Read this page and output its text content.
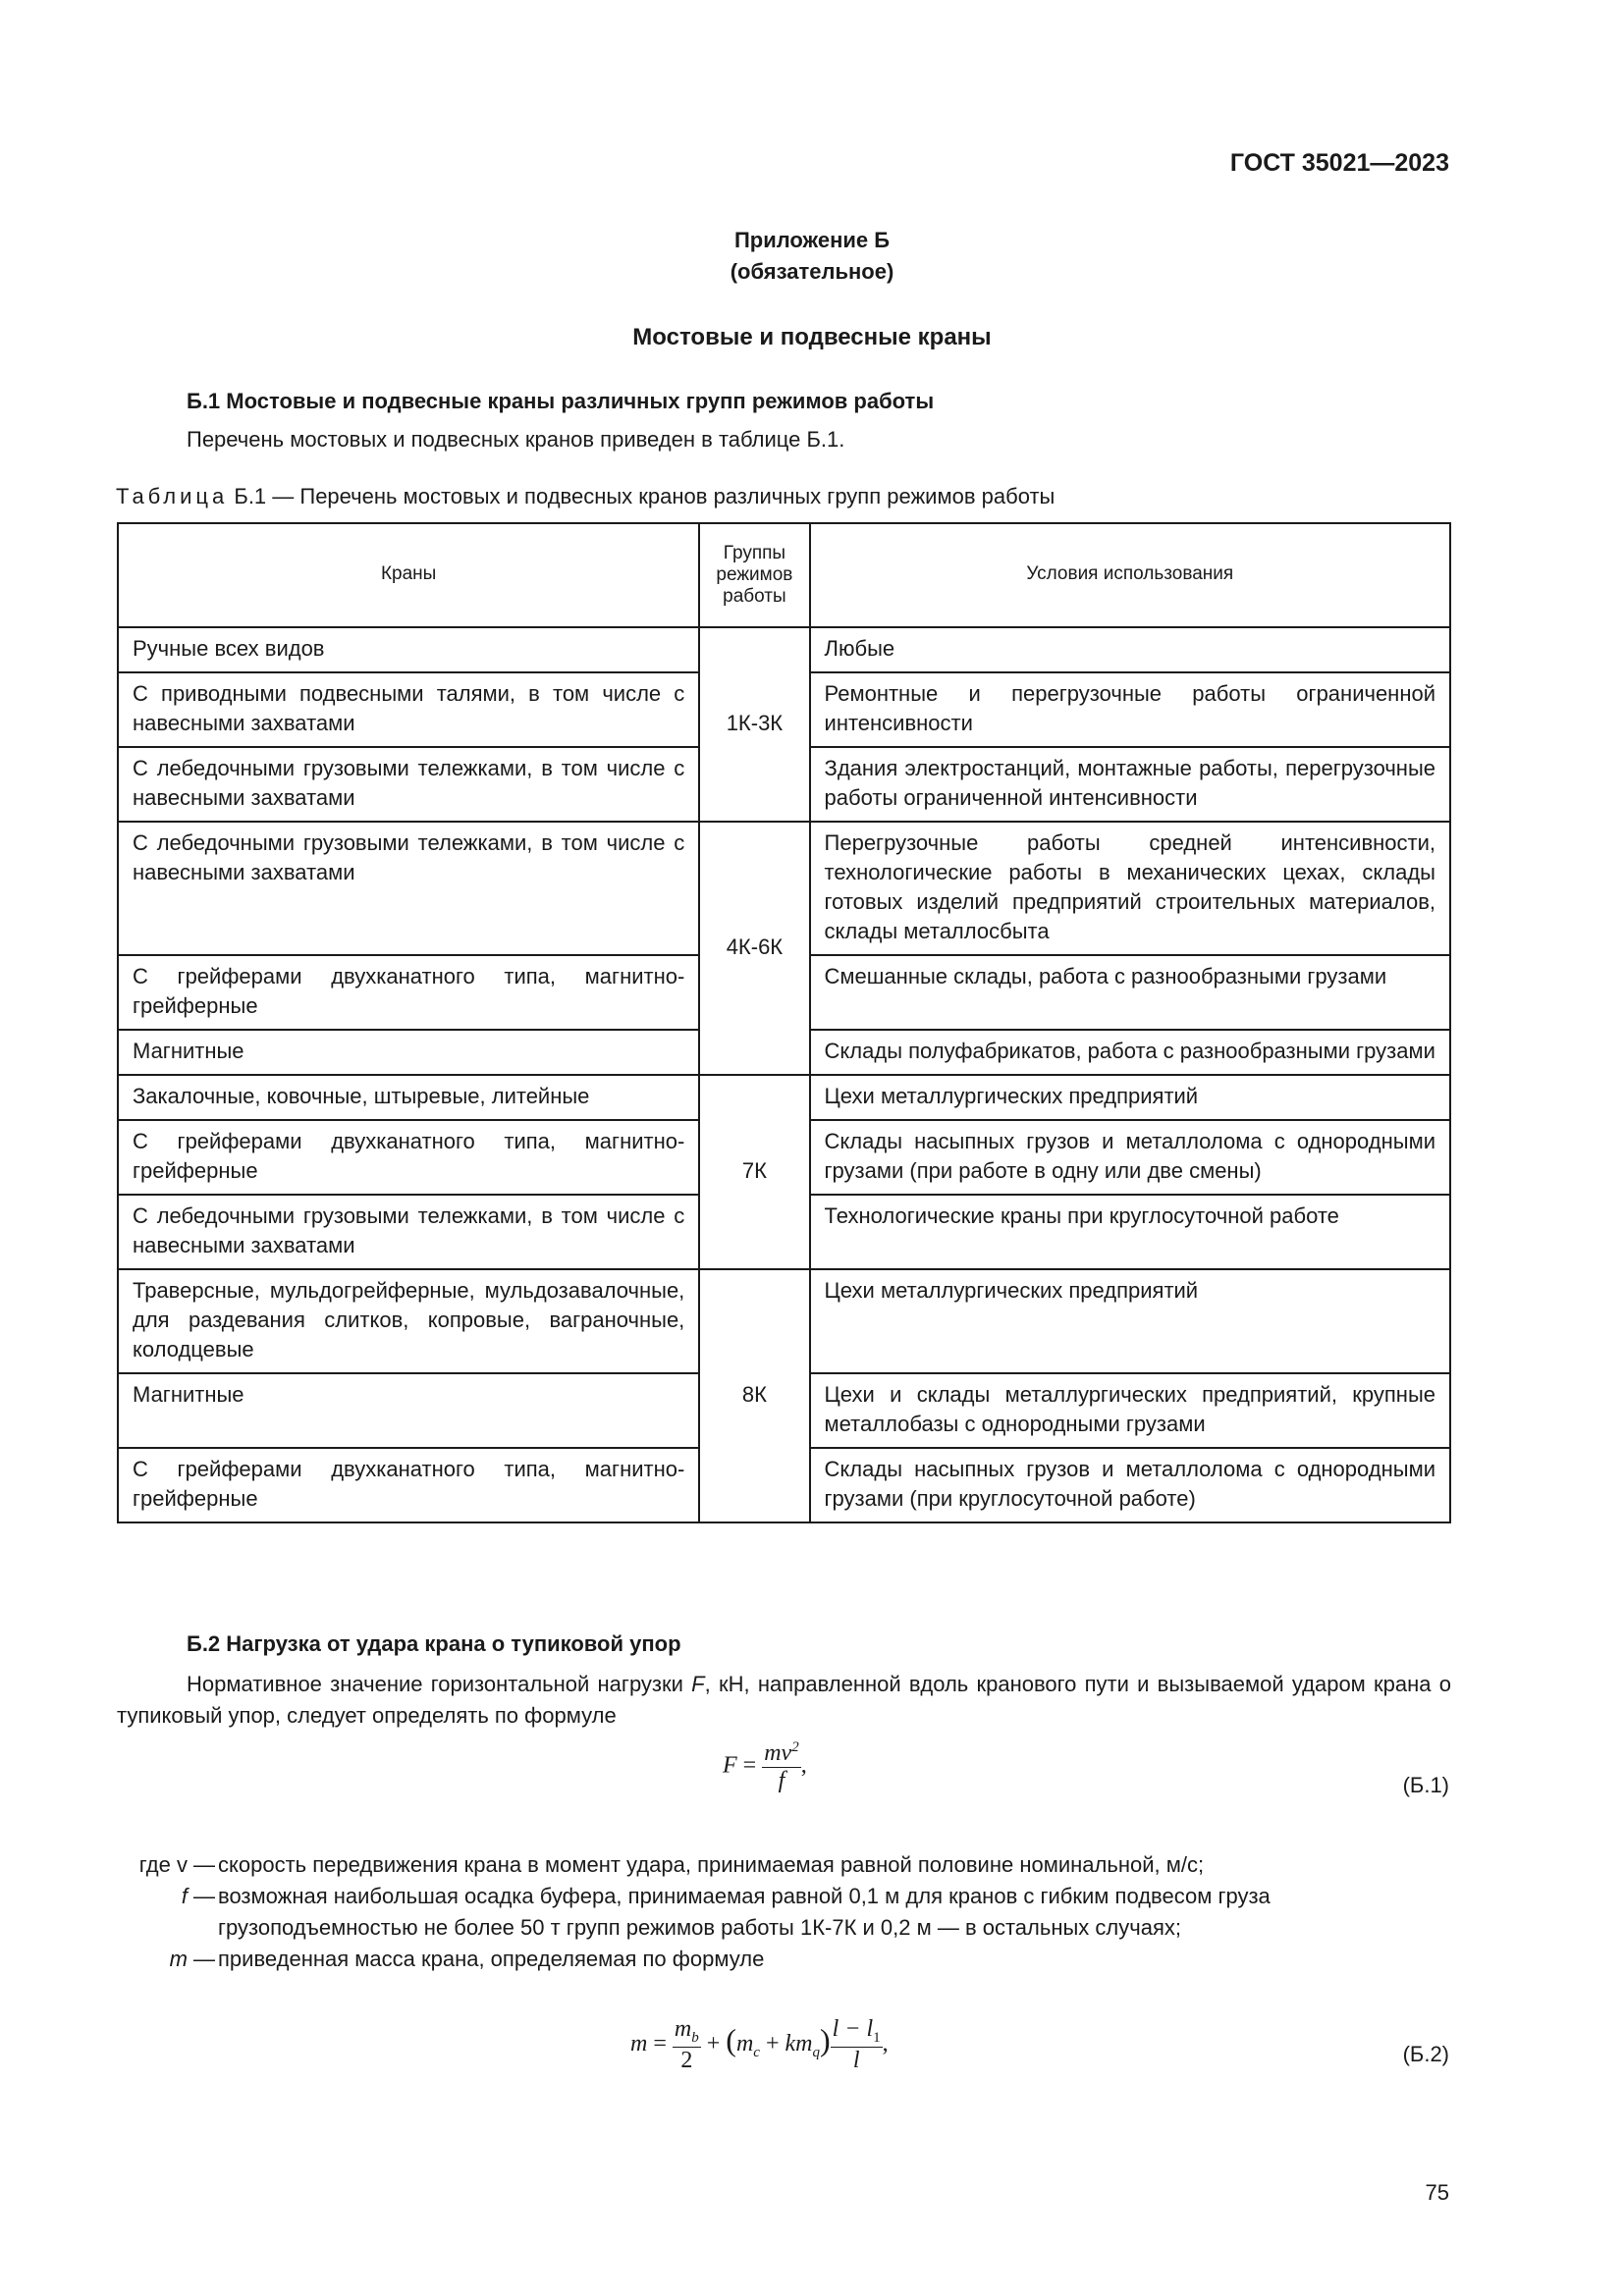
ГОСТ 35021—2023
Приложение Б
(обязательное)
Мостовые и подвесные краны
Б.1 Мостовые и подвесные краны различных групп режимов работы
Перечень мостовых и подвесных кранов приведен в таблице Б.1.
Таблица Б.1 — Перечень мостовых и подвесных кранов различных групп режимов работы
Краны	Группы режимов работы	Условия использования
Ручные всех видов	1К-3К	Любые
С приводными подвесными талями, в том числе с навесными захватами		Ремонтные и перегрузочные работы ограниченной интенсивности
С лебедочными грузовыми тележками, в том числе с навесными захватами		Здания электростанций, монтажные работы, перегрузочные работы ограниченной интенсивности
С лебедочными грузовыми тележками, в том числе с навесными захватами	4К-6К	Перегрузочные работы средней интенсивности, технологические работы в механических цехах, склады готовых изделий предприятий строительных материалов, склады металлосбыта
С грейферами двухканатного типа, магнитно-грейферные		Смешанные склады, работа с разнообразными грузами
Магнитные		Склады полуфабрикатов, работа с разнообразными грузами
Закалочные, ковочные, штыревые, литейные	7К	Цехи металлургических предприятий
С грейферами двухканатного типа, магнитно-грейферные		Склады насыпных грузов и металлолома с однородными грузами (при работе в одну или две смены)
С лебедочными грузовыми тележками, в том числе с навесными захватами		Технологические краны при круглосуточной работе
Траверсные, мульдогрейферные, мульдозавалочные, для раздевания слитков, копровые, ваграночные, колодцевые	8К	Цехи металлургических предприятий
Магнитные		Цехи и склады металлургических предприятий, крупные металлобазы с однородными грузами
С грейферами двухканатного типа, магнитно-грейферные		Склады насыпных грузов и металлолома с однородными грузами (при круглосуточной работе)
Б.2 Нагрузка от удара крана о тупиковой упор
Нормативное значение горизонтальной нагрузки F, кН, направленной вдоль кранового пути и вызываемой ударом крана о тупиковый упор, следует определять по формуле
$F = \frac{mv^2}{f}$ ,
(Б.1)
где v — скорость передвижения крана в момент удара, принимаемая равной половине номинальной, м/с;
f — возможная наибольшая осадка буфера, принимаемая равной 0,1 м для кранов с гибким подвесом груза грузоподъемностью не более 50 т групп режимов работы 1К-7К и 0,2 м — в остальных случаях;
m — приведенная масса крана, определяемая по формуле
$m = \frac{m_b}{2} + (m_c + km_q) \frac{l - l_1}{l}$ ,	(Б.2)
75
